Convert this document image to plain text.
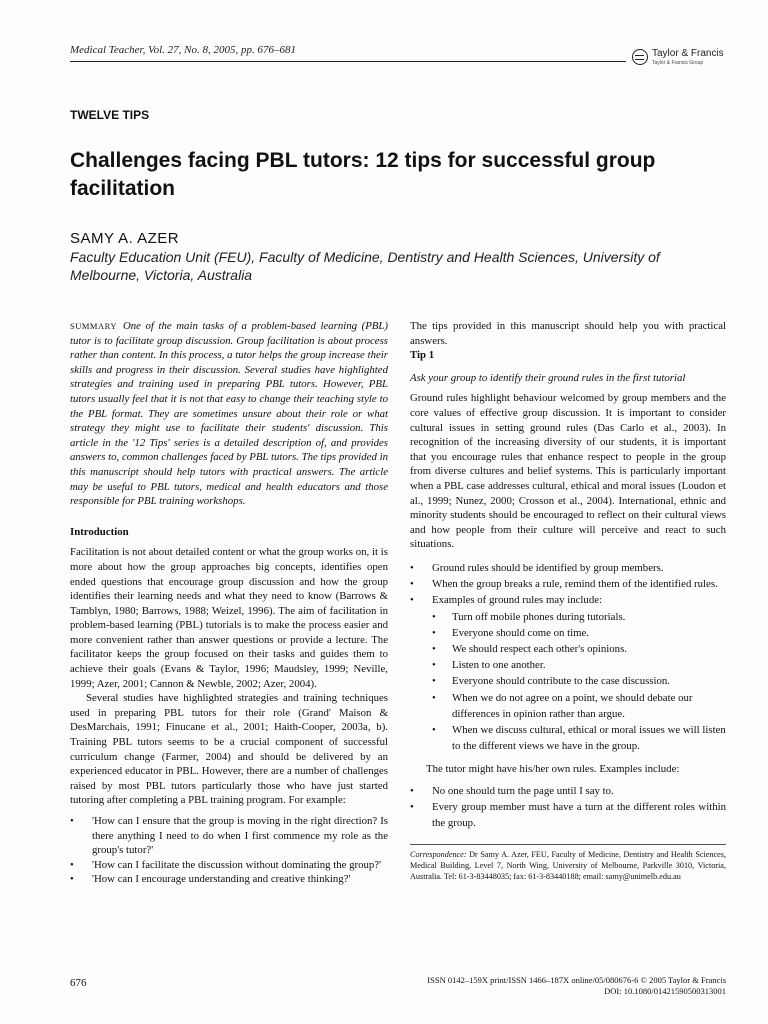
Medical Teacher, Vol. 27, No. 8, 2005, pp. 676–681	Taylor & Francis
Taylor & Francis Group
TWELVE TIPS
Challenges facing PBL tutors: 12 tips for successful group facilitation
SAMY A. AZER
Faculty Education Unit (FEU), Faculty of Medicine, Dentistry and Health Sciences, University of Melbourne, Victoria, Australia

SUMMARY One of the main tasks of a problem-based learning (PBL) tutor is to facilitate group discussion. Group facilitation is about process rather than content. In this process, a tutor helps the group increase their skills and progress in their discussion. Several studies have highlighted strategies and training used in preparing PBL tutors. However, PBL tutors usually feel that it is not that easy to change their teaching style to the PBL format. They are sometimes unsure about their role or what strategy they might use to facilitate their students' discussion. This article in the '12 Tips' series is a detailed description of, and provides answers to, common challenges faced by PBL tutors. The tips provided in this manuscript should help tutors with practical answers. The article may be useful to PBL tutors, medical and health educators and those responsible for PBL training workshops.

Introduction

Facilitation is not about detailed content or what the group works on, it is more about how the group approaches big concepts, identifies open ended questions that encourage group discussion and how the group identifies their learning needs and what they need to know (Barrows & Tamblyn, 1980; Barrows, 1988; Weizel, 1996). The aim of facilitation in problem-based learning (PBL) tutorials is to make the process easier and more convenient rather than answer questions or provide a lecture. The facilitator keeps the group focused on their tasks and guides them to achieve their goals (Evans & Taylor, 1996; Maudsley, 1999; Neville, 1999; Azer, 2001; Cannon & Newble, 2002; Azer, 2004).

Several studies have highlighted strategies and training techniques used in preparing PBL tutors for their role (Grand' Maison & DesMarchais, 1991; Finucane et al., 2001; Haith-Cooper, 2003a, b). Training PBL tutors seems to be a crucial component of successful curriculum change (Farmer, 2004) and should be delivered by an experienced educator in PBL. However, there are a number of challenges raised by most PBL tutors particularly those who have just started tutoring after completing a PBL training program. For example:

• 'How can I ensure that the group is moving in the right direction? Is there anything I need to do when I first commence my role as the group's tutor?'
• 'How can I facilitate the discussion without dominating the group?'
• 'How can I encourage understanding and creative thinking?'

The tips provided in this manuscript should help you with practical answers.

Tip 1

Ask your group to identify their ground rules in the first tutorial

Ground rules highlight behaviour welcomed by group members and the core values of effective group discussion. It is important to consider cultural issues in setting ground rules (Das Carlo et al., 2003). In recognition of the increasing diversity of our students, it is important that you encourage rules that enhance respect to people in the group from diverse cultures and belief systems. This is particularly important when a PBL case addresses cultural, ethical and moral issues (Loudon et al., 1999; Nunez, 2000; Crosson et al., 2004). International, ethnic and minority students should be encouraged to reflect on their cultural views and how people from their culture will perceive and react to such situations.

• Ground rules should be identified by group members.
• When the group breaks a rule, remind them of the identified rules.
• Examples of ground rules may include:
• Turn off mobile phones during tutorials.
• Everyone should come on time.
• We should respect each other's opinions.
• Listen to one another.
• Everyone should contribute to the case discussion.
• When we do not agree on a point, we should debate our differences in opinion rather than argue.
• When we discuss cultural, ethical or moral issues we will listen to the different views we have in the group.

The tutor might have his/her own rules. Examples include:

• No one should turn the page until I say to.
• Every group member must have a turn at the different roles within the group.

Correspondence: Dr Samy A. Azer, FEU, Faculty of Medicine, Dentistry and Health Sciences, Medical Building, Level 7, North Wing, University of Melbourne, Parkville 3010, Victoria, Australia. Tel: 61-3-83448035; fax: 61-3-83440188; email: samy@unimelb.edu.au

676	ISSN 0142–159X print/ISSN 1466–187X online/05/080676-6 © 2005 Taylor & Francis
DOI: 10.1080/01421590500313001
